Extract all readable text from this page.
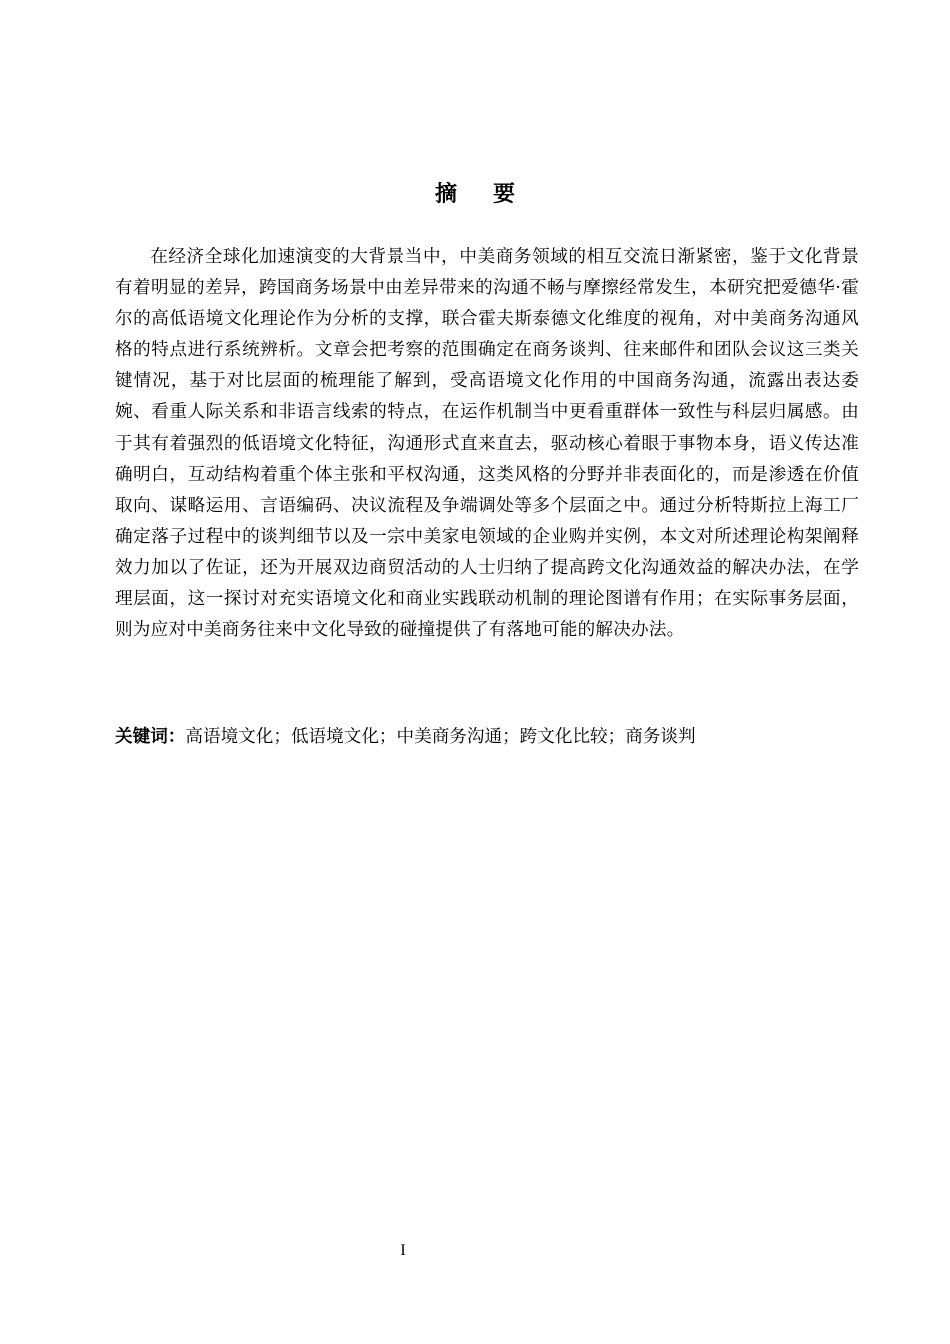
摘要

在经济全球化加速演变的大背景当中，中美商务领域的相互交流日渐紧密，鉴于文化背景有着明显的差异，跨国商务场景中由差异带来的沟通不畅与摩擦经常发生，本研究把爱德华·霍尔的高低语境文化理论作为分析的支撑，联合霍夫斯泰德文化维度的视角，对中美商务沟通风格的特点进行系统辨析。文章会把考察的范围确定在商务谈判、往来邮件和团队会议这三类关键情况，基于对比层面的梳理能了解到，受高语境文化作用的中国商务沟通，流露出表达委婉、看重人际关系和非语言线索的特点，在运作机制当中更看重群体一致性与科层归属感。由于其有着强烈的低语境文化特征，沟通形式直来直去，驱动核心着眼于事物本身，语义传达准确明白，互动结构着重个体主张和平权沟通，这类风格的分野并非表面化的，而是渗透在价值取向、谋略运用、言语编码、决议流程及争端调处等多个层面之中。通过分析特斯拉上海工厂确定落子过程中的谈判细节以及一宗中美家电领域的企业购并实例，本文对所述理论构架阐释效力加以了佐证，还为开展双边商贸活动的人士归纳了提高跨文化沟通效益的解决办法，在学理层面，这一探讨对充实语境文化和商业实践联动机制的理论图谱有作用；在实际事务层面，则为应对中美商务往来中文化导致的碰撞提供了有落地可能的解决办法。

关键词：高语境文化；低语境文化；中美商务沟通；跨文化比较；商务谈判
I
